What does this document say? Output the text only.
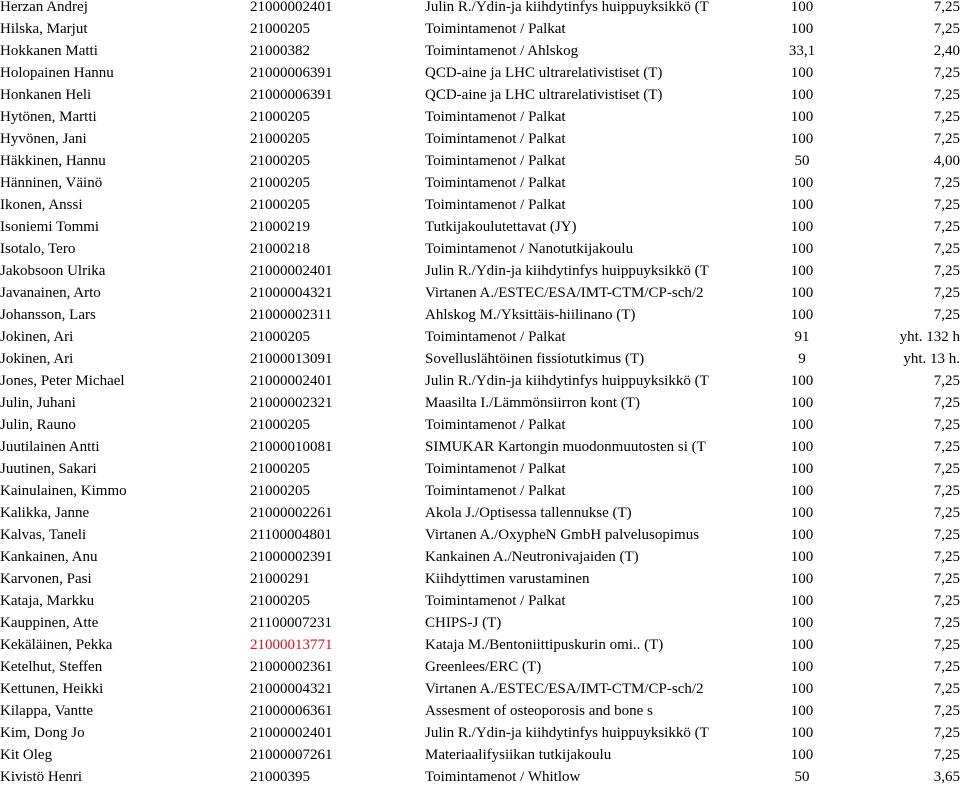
Herzan Andrej	21000002401	Julin R./Ydin-ja kiihdytinfys huippuyksikkö (T	100	7,25
Hilska, Marjut	21000205	Toimintamenot / Palkat	100	7,25
Hokkanen Matti	21000382	Toimintamenot / Ahlskog	33,1	2,40
Holopainen Hannu	21000006391	QCD-aine ja LHC ultrarelativistiset (T)	100	7,25
Honkanen Heli	21000006391	QCD-aine ja LHC ultrarelativistiset (T)	100	7,25
Hytönen, Martti	21000205	Toimintamenot / Palkat	100	7,25
Hyvönen, Jani	21000205	Toimintamenot / Palkat	100	7,25
Häkkinen, Hannu	21000205	Toimintamenot / Palkat	50	4,00
Hänninen, Väinö	21000205	Toimintamenot / Palkat	100	7,25
Ikonen, Anssi	21000205	Toimintamenot / Palkat	100	7,25
Isoniemi Tommi	21000219	Tutkijakoulutettavat (JY)	100	7,25
Isotalo, Tero	21000218	Toimintamenot / Nanotutkijakoulu	100	7,25
Jakobsoon Ulrika	21000002401	Julin R./Ydin-ja kiihdytinfys huippuyksikkö (T	100	7,25
Javanainen, Arto	21000004321	Virtanen A./ESTEC/ESA/IMT-CTM/CP-sch/2	100	7,25
Johansson, Lars	21000002311	Ahlskog M./Yksittäis-hiilinano (T)	100	7,25
Jokinen, Ari	21000205	Toimintamenot / Palkat	91	yht. 132 h
Jokinen, Ari	21000013091	Sovelluslähtöinen fissiotutkimus (T)	9	yht. 13 h.
Jones, Peter Michael	21000002401	Julin R./Ydin-ja kiihdytinfys huippuyksikkö (T	100	7,25
Julin, Juhani	21000002321	Maasilta I./Lämmönsiirron kont (T)	100	7,25
Julin, Rauno	21000205	Toimintamenot / Palkat	100	7,25
Juutilainen Antti	21000010081	SIMUKAR Kartongin muodonmuutosten si (T	100	7,25
Juutinen, Sakari	21000205	Toimintamenot / Palkat	100	7,25
Kainulainen, Kimmo	21000205	Toimintamenot / Palkat	100	7,25
Kalikka, Janne	21000002261	Akola J./Optisessa tallennukse (T)	100	7,25
Kalvas, Taneli	21100004801	Virtanen A./OxypheN GmbH palvelusopimus	100	7,25
Kankainen, Anu	21000002391	Kankainen A./Neutronivajaiden (T)	100	7,25
Karvonen, Pasi	21000291	Kiihdyttimen varustaminen	100	7,25
Kataja, Markku	21000205	Toimintamenot / Palkat	100	7,25
Kauppinen, Atte	21100007231	CHIPS-J (T)	100	7,25
Kekäläinen, Pekka	21000013771	Kataja M./Bentoniittipuskurin omi.. (T)	100	7,25
Ketelhut, Steffen	21000002361	Greenlees/ERC (T)	100	7,25
Kettunen, Heikki	21000004321	Virtanen A./ESTEC/ESA/IMT-CTM/CP-sch/2	100	7,25
Kilappa, Vantte	21000006361	Assesment of osteoporosis and bone s	100	7,25
Kim, Dong Jo	21000002401	Julin R./Ydin-ja kiihdytinfys huippuyksikkö (T	100	7,25
Kit Oleg	21000007261	Materiaalifysiikan tutkijakoulu	100	7,25
Kivistö Henri	21000395	Toimintamenot / Whitlow	50	3,65
